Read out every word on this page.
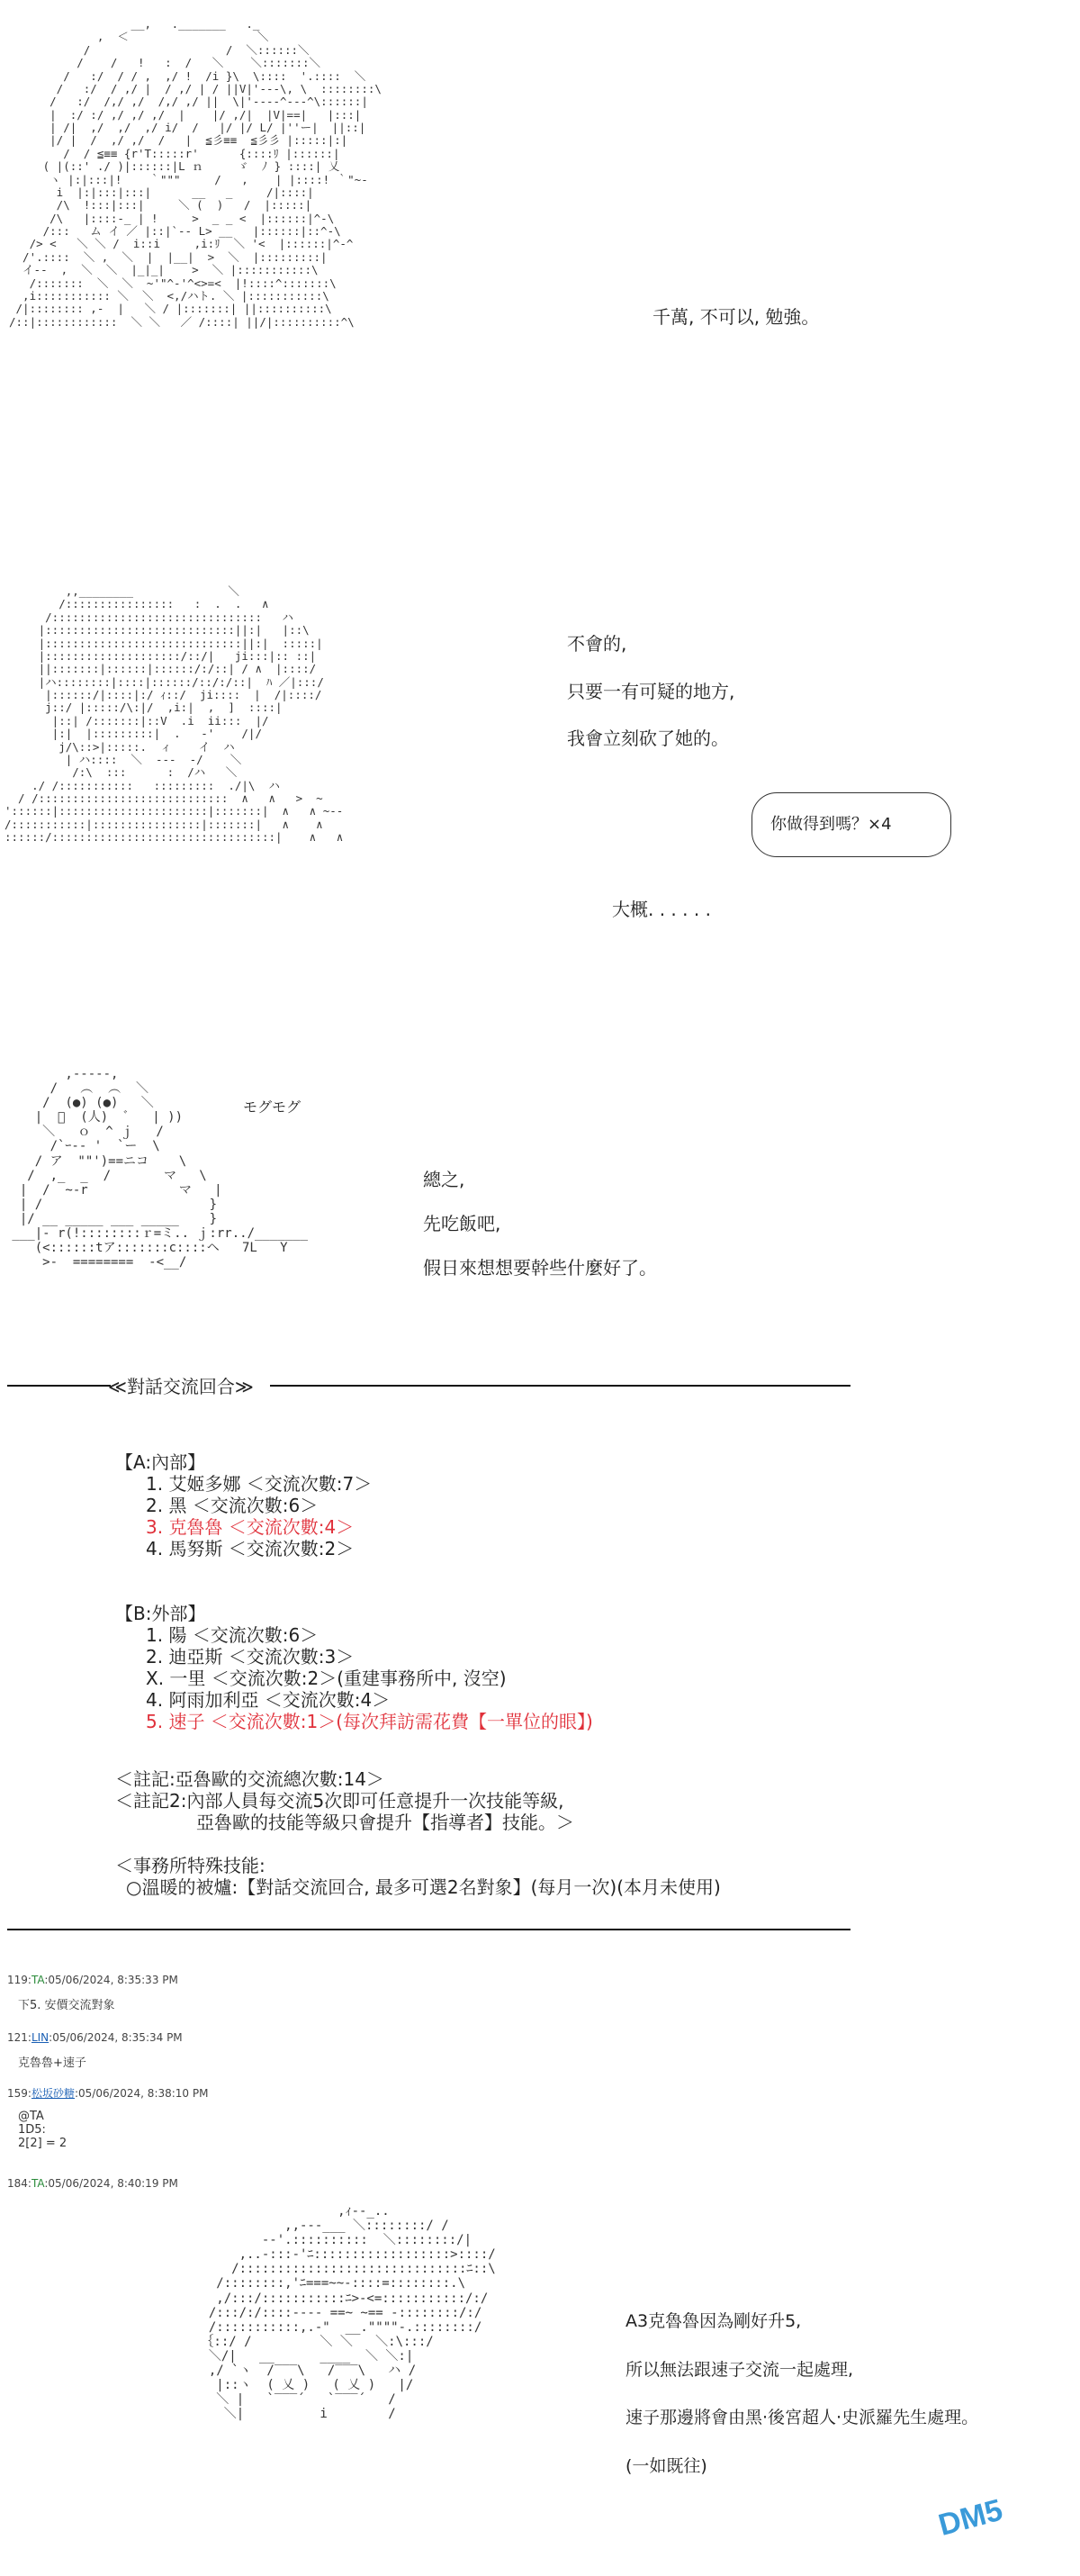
__,   ._______   ._
,  ＜                   ＼
/                    /  ＼::::::＼
/    /   !   :  /   ＼    ＼:::::::＼
/   :/  / / ,  ,/ !  /i }\  \::::  '.::::  ＼
/   :/  / ,/ |  / ,/ | / ||V|'---\, \  ::::::::\
/   :/  /,/ ,/  /,/ ,/ ||  \|'----^---^\::::::|
|  :/ :/ ,/ ,/ ,/  |    |/ ,/|  |V|==|   |:::|
| /|  ,/  ,/  ,/ i/  /   |/ |/ L/ |''ー|  ||::|
|/ |  /  ,/ ,/  /   |  ≦彡≡≡  ≦彡彡 |:::::|:|
/  / ≦≡≡ {r'T:::::r'      {::::ﾘ |::::::|
( |(::' ./ )|::::::|L ｎ     ゞ  ﾉ } ::::| 乂
ヽ |:|:::|!    ｀"""     /   ,    | |::::! ｀"~-
i  |:|:::|:::|      __   _     /|::::|
/\  !:::|:::|     ＼ (  )   /  |:::::|
/\   |::::-_ | !     >  _ _ <  |::::::|^-\
/:::   ム イ ／ |::|`-- L> __   |::::::|::^-\
/> <   ＼ ＼ /  i::i     ,i:ﾘ  ＼ '<  |::::::|^-^
/'.::::  ＼ ,  ＼  |  |__|  >  ＼  |:::::::::|
イ--  ,  ＼  ＼  |_|_|    >  ＼ |:::::::::::\
/:::::::  ＼  ＼  ~'"^-'^<>=<  |!::::^:::::::\
,i::::::::::: ＼  ＼  <,/ハト. ＼ |:::::::::::\
/|:::::::: ,-  |   ＼ / |:::::::| ||::::::::::\
/::|::::::::::::  ＼ ＼   ／ /::::| ||/|::::::::::^\	千萬, 不可以, 勉強。
,,________              ＼
/::::::::::::::::   :  .  .   ∧
/:::::::::::::::::::::::::::::::   ハ
|::::::::::::::::::::::::::::||:|   |::\
|:::::::::::::::::::::::::::::||:|  :::::|
|::::::::::::::::::::/::/|   ji:::|:: ::|
||:::::::|::::::|::::::/:/::| / ∧  |::::/
|ハ::::::::|::::|::::::/::/:/::|  ﾊ ／|:::/
|::::::/|::::|:/ ｨ::/  ji::::  |  /|::::/
j::/ |:::::/\:|/  ,i:|  ,  ]  ::::|
|::| /:::::::|::V  .i  ii:::  |/
|:|  |:::::::::|  .   -'    /|/
j/\::>|:::::.  ィ    イ  ハ
| ハ::::  ＼  ---  -/    ＼
/:\  :::      :  /ハ   ＼
./ /:::::::::::   :::::::::  ./|\  ハ
/ /::::::::::::::::::::::::::::  ∧   ∧   >  ~
'::::::|::::::::::::::::::::::|:::::::|  ∧   ∧ ~--
/:::::::::::|::::::::::::::::|:::::::|   ∧    ∧
::::::/:::::::::::::::::::::::::::::::::|    ∧   ∧
不會的,
只要一有可疑的地方,
我會立刻砍了她的。
你做得到嗎？×4
大概. . . . . .
,-----,
/   ︵  ︵  ＼
/  (●) (●)   ＼
|  ﾞ  (人)  ﾞ   | ))
＼   ｏ  ^ ｊ   /
/`ｰ-- '  `ー  \
/ ア  ""')==ニコ    \
/  ,_  _  /       マ   \
|  /  ~-r            マ   |
| /                      }
|/ __ _____ ___ _____    }
___|- r(!::::::::ｒ=ミ.. ｊ:rr../_______
(<::::::tア:::::::c::::ヘ   7L   Y
>-  ========  -<__/
モグモグ
總之,
先吃飯吧,
假日來想想要幹些什麼好了。
≪對話交流回合≫
【A:內部】
1. 艾姬多娜 ＜交流次數:7＞
2. 黑 ＜交流次數:6＞
3. 克魯魯 ＜交流次數:4＞
4. 馬努斯 ＜交流次數:2＞
【B:外部】
1. 陽 ＜交流次數:6＞
2. 迪亞斯 ＜交流次數:3＞
X. 一里 ＜交流次數:2＞(重建事務所中, 沒空)
4. 阿雨加利亞 ＜交流次數:4＞
5. 速子 ＜交流次數:1＞(每次拜訪需花費【一單位的眼】)
＜註記:亞魯歐的交流總次數:14＞
＜註記2:內部人員每交流5次即可任意提升一次技能等級,
亞魯歐的技能等級只會提升【指導者】技能。＞
＜事務所特殊技能:
○溫暖的被爐:【對話交流回合, 最多可選2名對象】(每月一次)(本月未使用)
119:TA:05/06/2024, 8:35:33 PM
下5. 安價交流對象
121:LIN:05/06/2024, 8:35:34 PM
克魯魯+速子
159:松坂砂糖:05/06/2024, 8:38:10 PM
@TA
1D5:
2[2] = 2
184:TA:05/06/2024, 8:40:19 PM
,ｨ--_..
,,---___ ＼::::::::/ /
--'.::::::::::  ＼::::::::/|
,..-:::-'ﾆ::::::::::::::::::>::::/
/::::::::::::::::::::::::::::::ﾆ::\
/::::::::,'ﾆ===~~-::::=::::::::.\
,/:::/:::::::::::ﾆ>-<=:::::::::::/:/
/:::/:/::::---- ==~ ~== -::::::::/:/
/:::::::::::,.-"  __.""""-.::::::::/
｛::/ /         ＼ ＼   ＼:\:::/
＼/|   __      ____  ＼ ＼:|
,/ `ヽ  /‾‾‾\   /‾‾‾\   ハ /
|::ヽ  ( 乂 )   ( 乂 )   |/
＼ |   `‾‾‾´   `‾‾‾´   /
＼|          i        /
A3克魯魯因為剛好升5,
所以無法跟速子交流一起處理,
速子那邊將會由黑·後宮超人·史派羅先生處理。
(一如既往)
DM5
